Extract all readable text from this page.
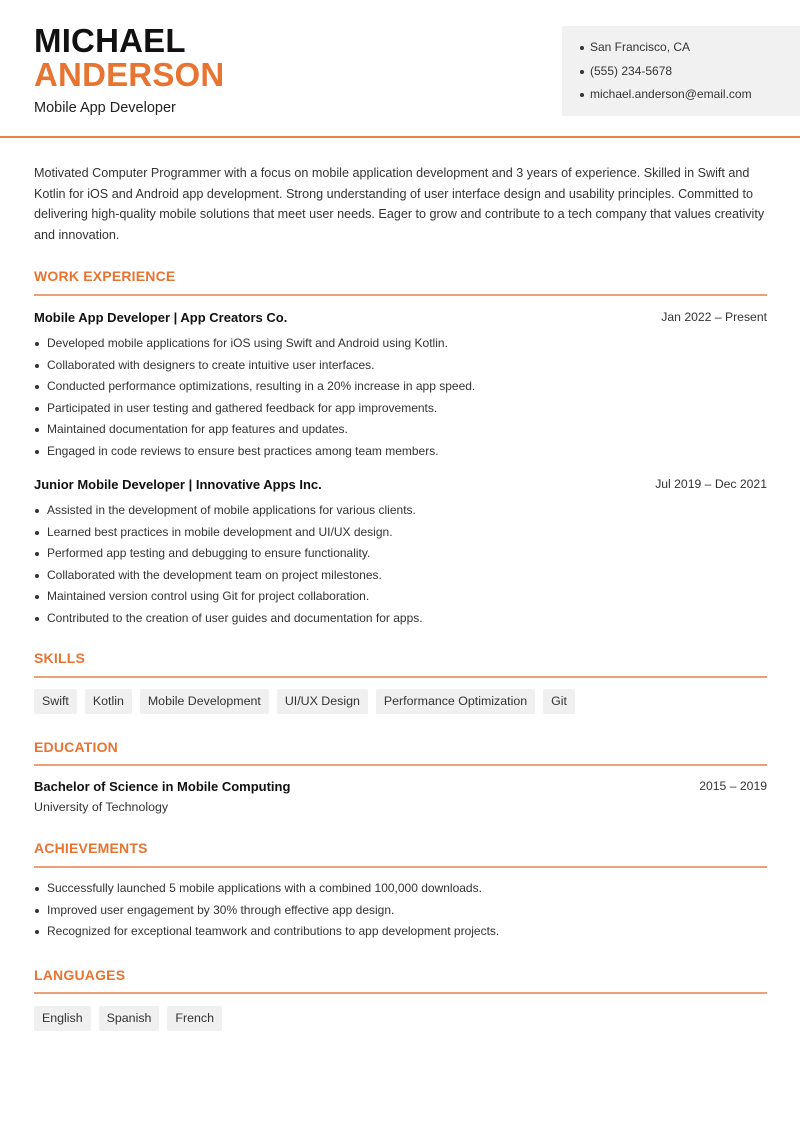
MICHAEL
ANDERSON
Mobile App Developer
San Francisco, CA
(555) 234-5678
michael.anderson@email.com

Motivated Computer Programmer with a focus on mobile application development and 3 years of experience. Skilled in Swift and Kotlin for iOS and Android app development. Strong understanding of user interface design and usability principles. Committed to delivering high-quality mobile solutions that meet user needs. Eager to grow and contribute to a tech company that values creativity and innovation.

WORK EXPERIENCE
Mobile App Developer | App Creators Co.	Jan 2022 – Present
Developed mobile applications for iOS using Swift and Android using Kotlin.
Collaborated with designers to create intuitive user interfaces.
Conducted performance optimizations, resulting in a 20% increase in app speed.
Participated in user testing and gathered feedback for app improvements.
Maintained documentation for app features and updates.
Engaged in code reviews to ensure best practices among team members.
Junior Mobile Developer | Innovative Apps Inc.	Jul 2019 – Dec 2021
Assisted in the development of mobile applications for various clients.
Learned best practices in mobile development and UI/UX design.
Performed app testing and debugging to ensure functionality.
Collaborated with the development team on project milestones.
Maintained version control using Git for project collaboration.
Contributed to the creation of user guides and documentation for apps.
SKILLS
Swift	Kotlin	Mobile Development	UI/UX Design	Performance Optimization	Git
EDUCATION
Bachelor of Science in Mobile Computing	2015 – 2019
University of Technology
ACHIEVEMENTS
Successfully launched 5 mobile applications with a combined 100,000 downloads.
Improved user engagement by 30% through effective app design.
Recognized for exceptional teamwork and contributions to app development projects.
LANGUAGES
English	Spanish	French
